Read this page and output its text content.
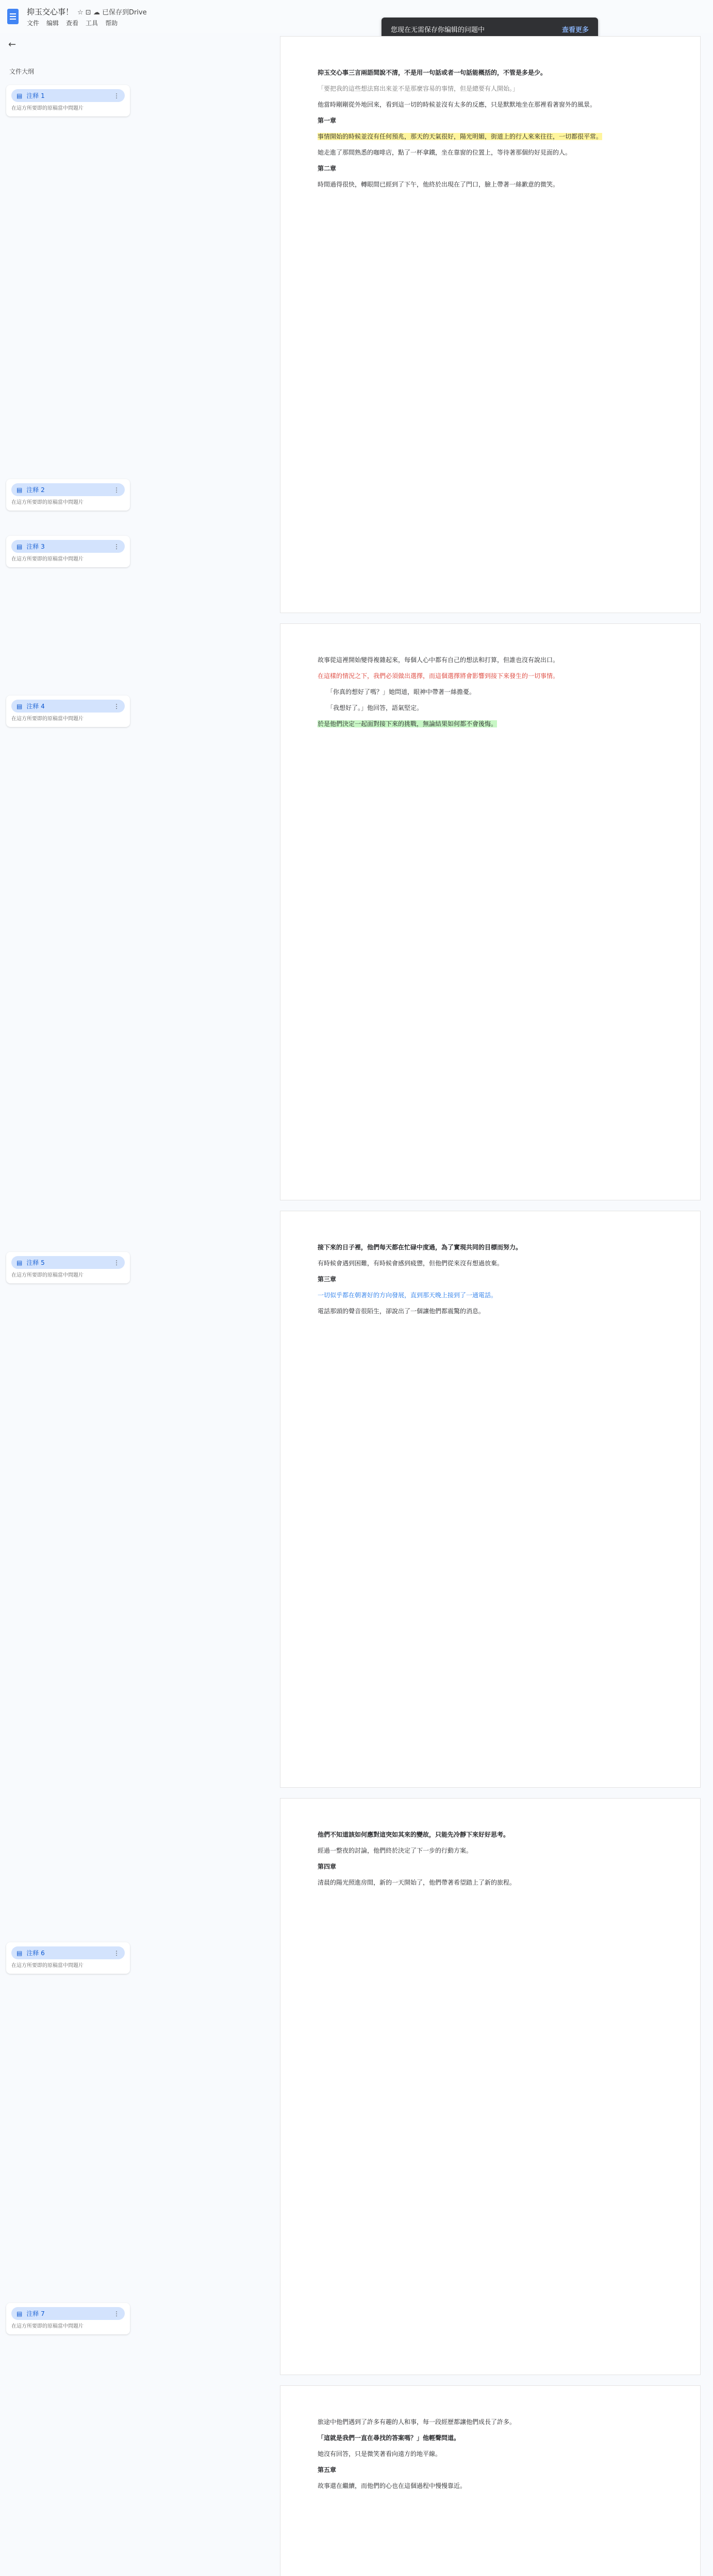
抑玉交心事！ ☆ ⊡ ☁ 已保存到Drive
文件 编辑 查看 工具 帮助
←
文件大纲
您现在无需保存你编辑的问题中	查看更多
▤ 注释 1	⋮
在這方所要即的原稿當中問題片
▤ 注释 2	⋮
在這方所要即的原稿當中問題片
▤ 注释 3	⋮
在這方所要即的原稿當中問題片
▤ 注释 4	⋮
在這方所要即的原稿當中問題片
▤ 注释 5	⋮
在這方所要即的原稿當中問題片
▤ 注释 6	⋮
在這方所要即的原稿當中問題片
▤ 注释 7	⋮
在這方所要即的原稿當中問題片

抑玉交心事三言兩語間說不清，不是用一句話或者一句話能概括的，不管是多是少。

「要把我的這些想法寫出來並不是那麼容易的事情，但是總要有人開始。」

他當時剛剛從外地回來，看到這一切的時候並沒有太多的反應，只是默默地坐在那裡看著窗外的風景。

第一章

事情開始的時候並沒有任何預兆，那天的天氣很好，陽光明媚，街道上的行人來來往往，一切都很平常。

她走進了那間熟悉的咖啡店，點了一杯拿鐵，坐在靠窗的位置上，等待著那個約好見面的人。

第二章

時間過得很快，轉眼間已經到了下午，他終於出現在了門口，臉上帶著一絲歉意的微笑。

故事從這裡開始變得複雜起來，每個人心中都有自己的想法和打算，但誰也沒有說出口。

在這樣的情況之下，我們必須做出選擇，而這個選擇將會影響到接下來發生的一切事情。

「你真的想好了嗎？」她問道，眼神中帶著一絲擔憂。

「我想好了。」他回答，語氣堅定。

於是他們決定一起面對接下來的挑戰，無論結果如何都不會後悔。

接下來的日子裡，他們每天都在忙碌中度過，為了實現共同的目標而努力。

有時候會遇到困難，有時候會感到疲憊，但他們從來沒有想過放棄。

第三章

一切似乎都在朝著好的方向發展，直到那天晚上接到了一通電話。

電話那頭的聲音很陌生，卻說出了一個讓他們都震驚的消息。

他們不知道該如何應對這突如其來的變故，只能先冷靜下來好好思考。

經過一整夜的討論，他們終於決定了下一步的行動方案。

第四章

清晨的陽光照進房間，新的一天開始了，他們帶著希望踏上了新的旅程。

旅途中他們遇到了許多有趣的人和事，每一段經歷都讓他們成長了許多。

「這就是我們一直在尋找的答案嗎？」他輕聲問道。

她沒有回答，只是微笑著看向遠方的地平線。

第五章

故事還在繼續，而他們的心也在這個過程中慢慢靠近。
